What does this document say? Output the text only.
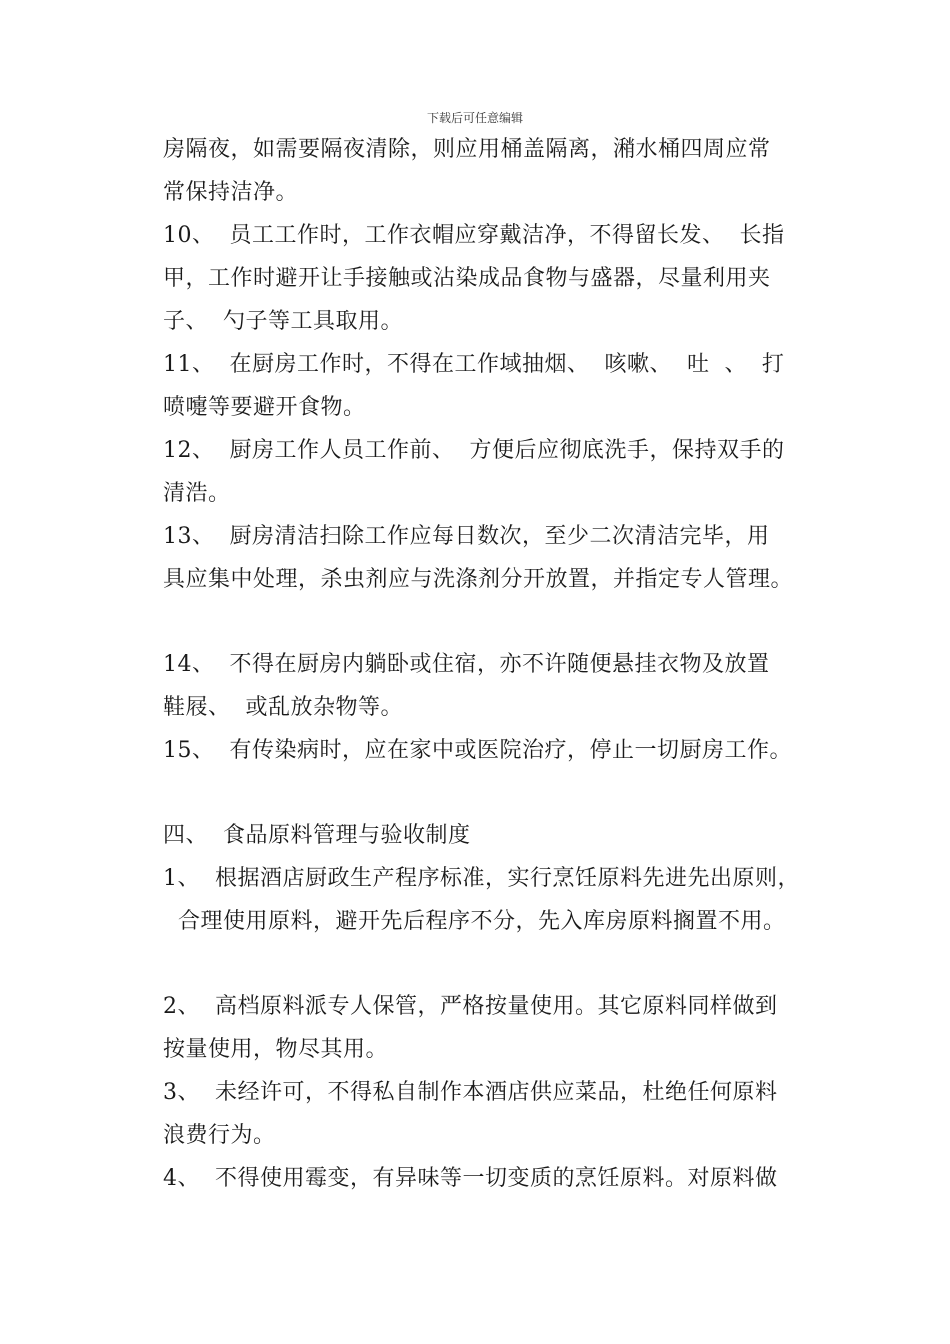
下载后可任意编辑
房隔夜，如需要隔夜清除，则应用桶盖隔离，潲水桶四周应常
常保持洁净。
10、  员工工作时，工作衣帽应穿戴洁净，不得留长发、  长指
甲，工作时避开让手接触或沾染成品食物与盛器，尽量利用夹
子、  勺子等工具取用。
11、  在厨房工作时，不得在工作域抽烟、  咳嗽、  吐  、  打
喷嚏等要避开食物。
12、  厨房工作人员工作前、  方便后应彻底洗手，保持双手的
清浩。
13、  厨房清洁扫除工作应每日数次，至少二次清洁完毕，用
具应集中处理，杀虫剂应与洗涤剂分开放置，并指定专人管理。
14、  不得在厨房内躺卧或住宿，亦不许随便悬挂衣物及放置
鞋屐、  或乱放杂物等。
15、  有传染病时，应在家中或医院治疗，停止一切厨房工作。
四、  食品原料管理与验收制度
1、  根据酒店厨政生产程序标准，实行烹饪原料先进先出原则，
合理使用原料，避开先后程序不分，先入库房原料搁置不用。
2、  高档原料派专人保管，严格按量使用。其它原料同样做到
按量使用，物尽其用。
3、  未经许可，不得私自制作本酒店供应菜品，杜绝任何原料
浪费行为。
4、  不得使用霉变，有异味等一切变质的烹饪原料。对原料做
